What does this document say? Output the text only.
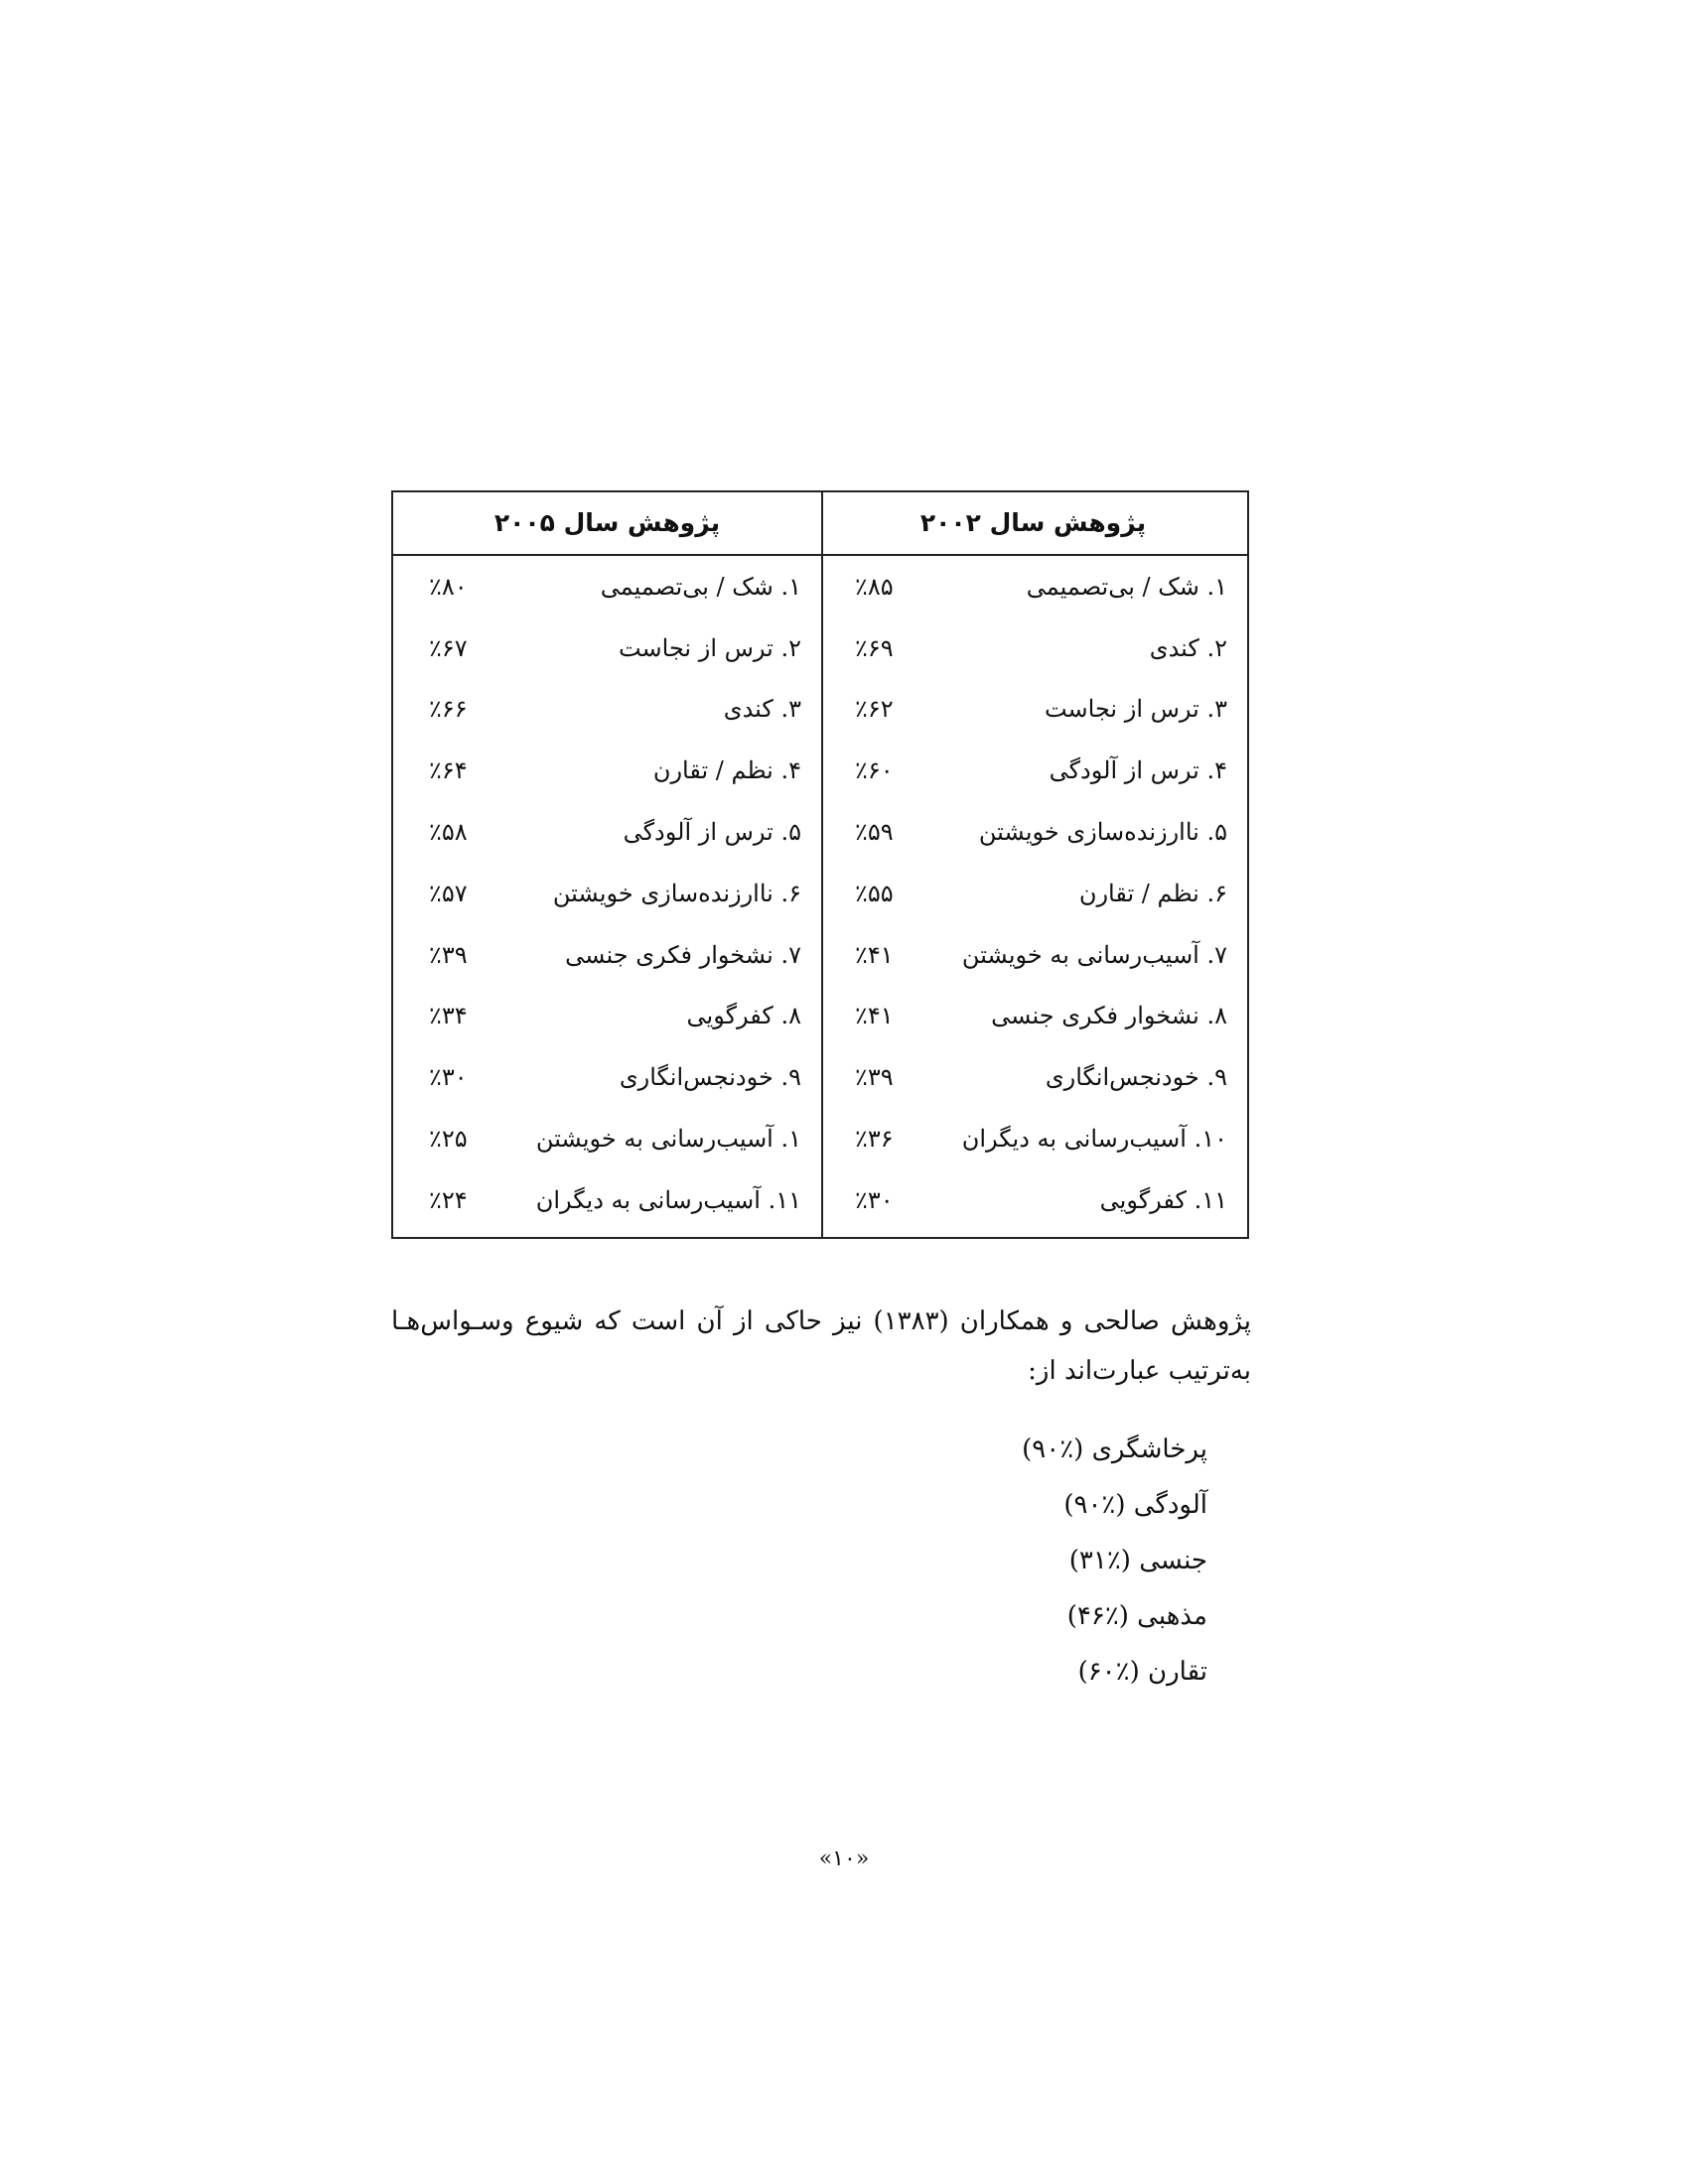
پژوهش سال ۲۰۰۲
۱. شک / بی‌تصمیمی
٪۸۵
۲. کندی
٪۶۹
۳. ترس از نجاست
٪۶۲
۴. ترس از آلودگی
٪۶۰
۵. ناارزنده‌سازی خویشتن
٪۵۹
۶. نظم / تقارن
٪۵۵
۷. آسیب‌رسانی به خویشتن
٪۴۱
۸. نشخوار فکری جنسی
٪۴۱
۹. خودنجس‌انگاری
٪۳۹
۱۰. آسیب‌رسانی به دیگران
٪۳۶
۱۱. کفرگویی
٪۳۰
پژوهش سال ۲۰۰۵
۱. شک / بی‌تصمیمی
٪۸۰
۲. ترس از نجاست
٪۶۷
۳. کندی
٪۶۶
۴. نظم / تقارن
٪۶۴
۵. ترس از آلودگی
٪۵۸
۶. ناارزنده‌سازی خویشتن
٪۵۷
۷. نشخوار فکری جنسی
٪۳۹
۸. کفرگویی
٪۳۴
۹. خودنجس‌انگاری
٪۳۰
۱. آسیب‌رسانی به خویشتن
٪۲۵
۱۱. آسیب‌رسانی به دیگران
٪۲۴
پژوهش صالحی و همکاران (۱۳۸۳) نیز حاکی از آن است که شیوع وسـواس‌هـا به‌ترتیب عبارت‌اند از:
پرخاشگری (٪۹۰)
آلودگی (٪۹۰)
جنسی (٪۳۱)
مذهبی (٪۴۶)
تقارن (٪۶۰)
«۱۰»
